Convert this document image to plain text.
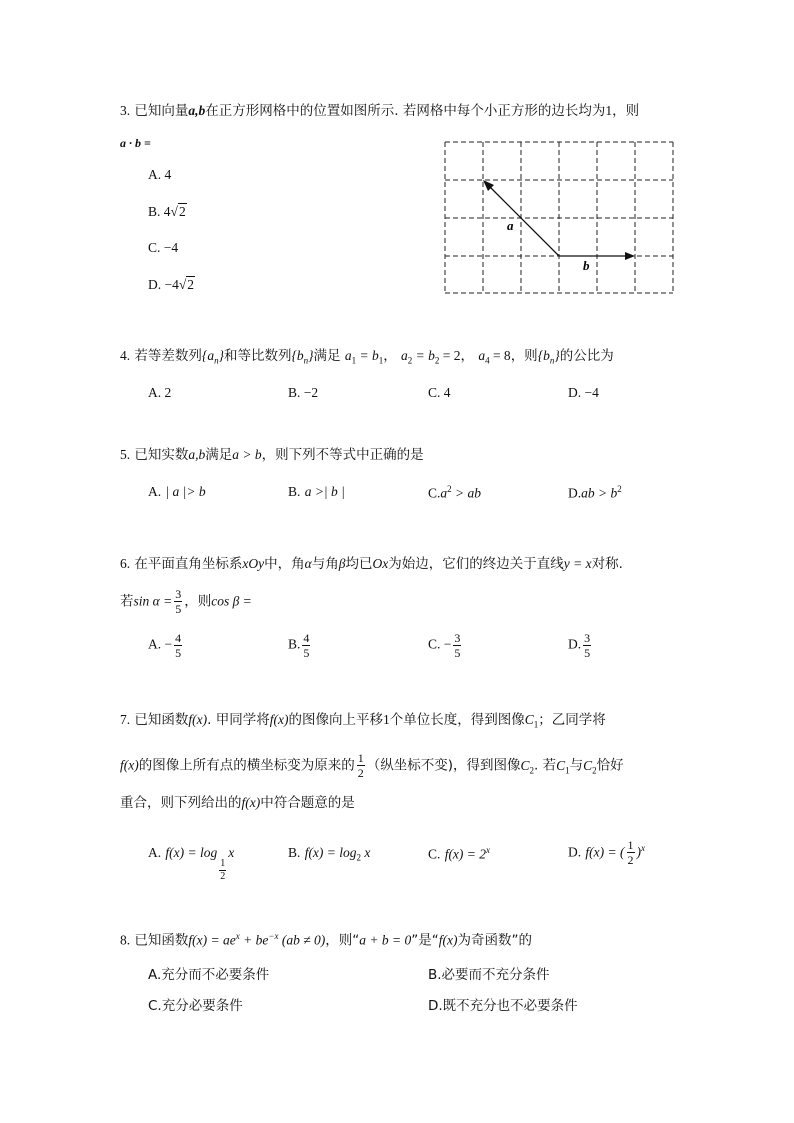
3. 已知向量a,b在正方形网格中的位置如图所示. 若网格中每个小正方形的边长均为1，则
a · b =
A. 4
B. 4√2
C. −4
D. −4√2
a
b
4. 若等差数列$\{a_n\}$和等比数列$\{b_n\}$满足 $a_1 = b_1$， $a_2 = b_2 = 2$， $a_4 = 8$，则$\{b_n\}$的公比为
A. 2	B. −2	C. 4	D. −4
5. 已知实数a,b满足a > b，则下列不等式中正确的是
A. | a |> b	B. a >| b |	$C.a^2$ > ab	$D.ab > b^2$
6. 在平面直角坐标系xOy中，角α与角β均已Ox为始边，它们的终边关于直线y = x对称.
若$\sin \alpha = \frac{3}{5}$ ，则cos β =
A. − $\frac{4}{5}$	B. $\frac{4}{5}$	C. − $\frac{3}{5}$	D. $\frac{3}{5}$
7. 已知函数f(x). 甲同学将f(x)的图像向上平移1个单位长度，得到图像$C_1$；乙同学将
f(x)的图像上所有点的横坐标变为原来的 $\frac{1}{2}$ （纵坐标不变)，得到图像$C_2$. 若$C_1$与$C_2$恰好
重合，则下列给出的f(x)中符合题意的是
A. f(x) = log
$\frac{1}{2}$
x	B. $f(x) = \log_2 x$	C. $f(x) = 2^x$	D. f(x) = ( $\frac{1}{2} )^x$
8. 已知函数$f(x) = ae^x + be^{-x}$ (ab ≠ 0)，则“a + b = 0”是“f(x)为奇函数”的
A.充分而不必要条件	B.必要而不充分条件
C.充分必要条件	D.既不充分也不必要条件
